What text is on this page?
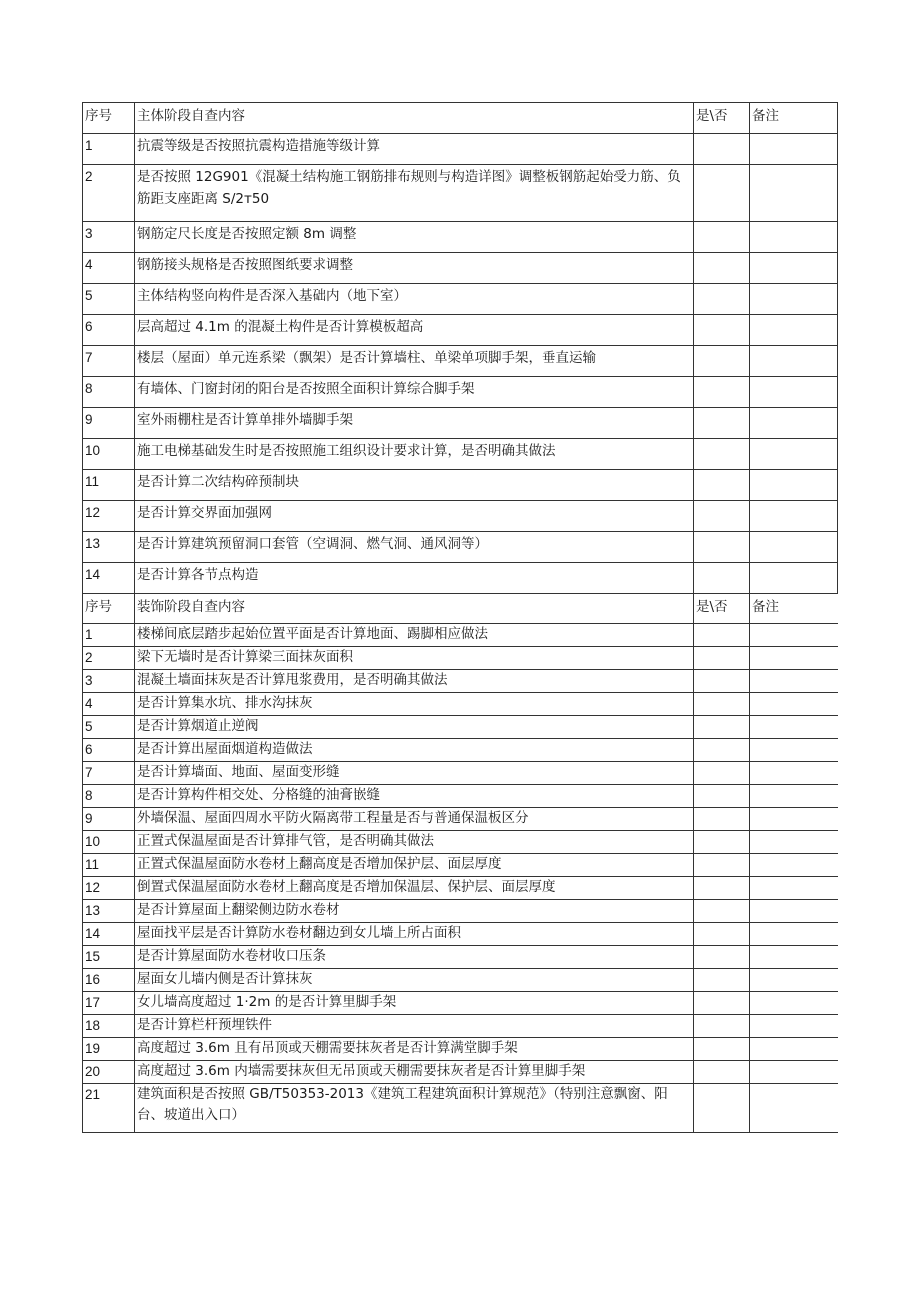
序号	主体阶段自查内容	是\否	备注
1	抗震等级是否按照抗震构造措施等级计算		
2	是否按照 12G901《混凝土结构施工钢筋排布规则与构造详图》调整板钢筋起始受力筋、负筋距支座距离 S/2т50		
3	钢筋定尺长度是否按照定额 8m 调整		
4	钢筋接头规格是否按照图纸要求调整		
5	主体结构竖向构件是否深入基础内（地下室）		
6	层高超过 4.1m 的混凝土构件是否计算模板超高		
7	楼层（屋面）单元连系梁（飘架）是否计算墙柱、单梁单项脚手架，垂直运输		
8	有墙体、门窗封闭的阳台是否按照全面积计算综合脚手架		
9	室外雨棚柱是否计算单排外墙脚手架		
10	施工电梯基础发生时是否按照施工组织设计要求计算，是否明确其做法		
11	是否计算二次结构碎预制块		
12	是否计算交界面加强网		
13	是否计算建筑预留洞口套管（空调洞、燃气洞、通风洞等）		
14	是否计算各节点构造		
序号	装饰阶段自查内容	是\否	备注
1	楼梯间底层踏步起始位置平面是否计算地面、踢脚相应做法		
2	梁下无墙时是否计算梁三面抹灰面积		
3	混凝土墙面抹灰是否计算甩浆费用，是否明确其做法		
4	是否计算集水坑、排水沟抹灰		
5	是否计算烟道止逆阀		
6	是否计算出屋面烟道构造做法		
7	是否计算墙面、地面、屋面变形缝		
8	是否计算构件相交处、分格缝的油膏嵌缝		
9	外墙保温、屋面四周水平防火隔离带工程量是否与普通保温板区分		
10	正置式保温屋面是否计算排气管，是否明确其做法		
11	正置式保温屋面防水卷材上翻高度是否增加保护层、面层厚度		
12	倒置式保温屋面防水卷材上翻高度是否增加保温层、保护层、面层厚度		
13	是否计算屋面上翻梁侧边防水卷材		
14	屋面找平层是否计算防水卷材翻边到女儿墙上所占面积		
15	是否计算屋面防水卷材收口压条		
16	屋面女儿墙内侧是否计算抹灰		
17	女儿墙高度超过 1·2m 的是否计算里脚手架		
18	是否计算栏杆预埋铁件		
19	高度超过 3.6m 且有吊顶或天棚需要抹灰者是否计算满堂脚手架		
20	高度超过 3.6m 内墙需要抹灰但无吊顶或天棚需要抹灰者是否计算里脚手架		
21	建筑面积是否按照 GB/T50353-2013《建筑工程建筑面积计算规范》（特别注意飘窗、阳台、坡道出入口）		
